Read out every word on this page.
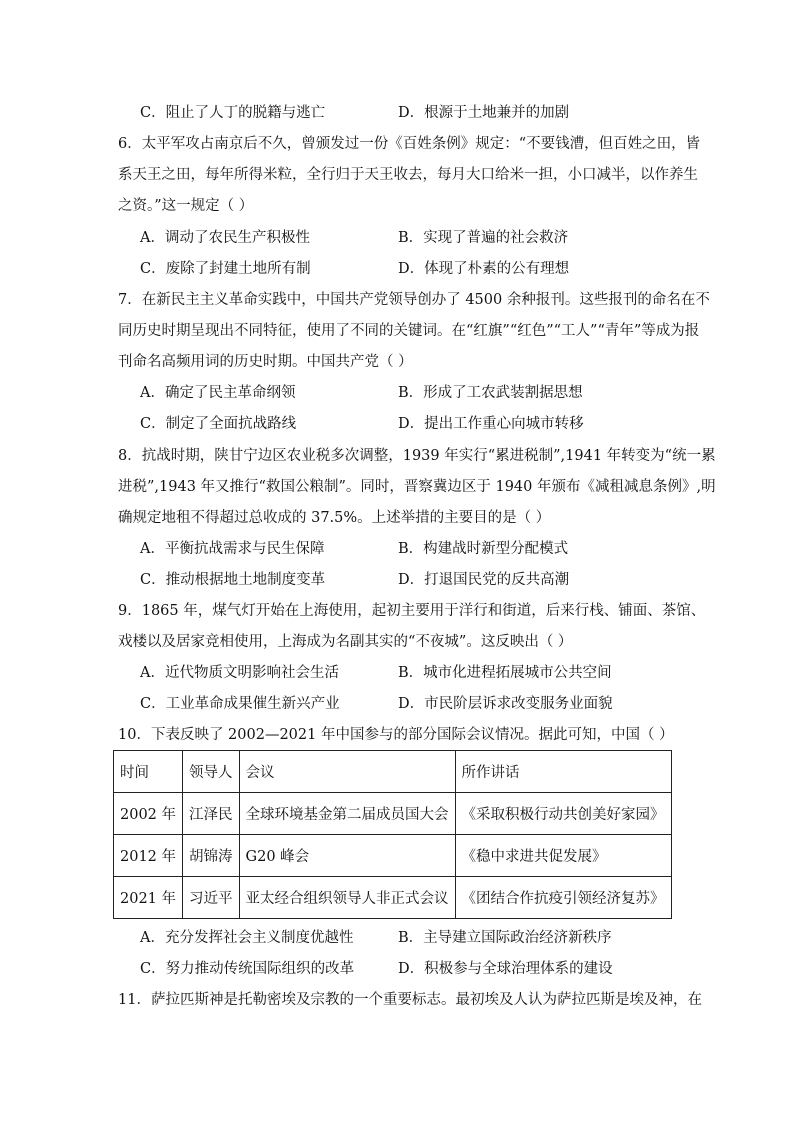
C．阻止了人丁的脱籍与逃亡	D．根源于土地兼并的加剧
6．太平军攻占南京后不久，曾颁发过一份《百姓条例》规定：“不要钱漕，但百姓之田，皆
系天王之田，每年所得米粒，全行归于天王收去，每月大口给米一担，小口减半，以作养生
之资。”这一规定（ ）
A．调动了农民生产积极性	B．实现了普遍的社会救济
C．废除了封建土地所有制	D．体现了朴素的公有理想
7．在新民主主义革命实践中，中国共产党领导创办了 4500 余种报刊。这些报刊的命名在不
同历史时期呈现出不同特征，使用了不同的关键词。在“红旗”“红色”“工人”“青年”等成为报
刊命名高频用词的历史时期。中国共产党（ ）
A．确定了民主革命纲领	B．形成了工农武装割据思想
C．制定了全面抗战路线	D．提出工作重心向城市转移
8．抗战时期，陕甘宁边区农业税多次调整，1939 年实行“累进税制”,1941 年转变为“统一累
进税”,1943 年又推行“救国公粮制”。同时，晋察冀边区于 1940 年颁布《减租减息条例》,明
确规定地租不得超过总收成的 37.5%。上述举措的主要目的是（ ）
A．平衡抗战需求与民生保障	B．构建战时新型分配模式
C．推动根据地土地制度变革	D．打退国民党的反共高潮
9．1865 年，煤气灯开始在上海使用，起初主要用于洋行和街道，后来行栈、铺面、茶馆、
戏楼以及居家竞相使用，上海成为名副其实的“不夜城”。这反映出（ ）
A．近代物质文明影响社会生活	B．城市化进程拓展城市公共空间
C．工业革命成果催生新兴产业	D．市民阶层诉求改变服务业面貌
10．下表反映了 2002—2021 年中国参与的部分国际会议情况。据此可知，中国（ ）
时间	领导人	会议	所作讲话
2002 年	江泽民	全球环境基金第二届成员国大会	《采取积极行动共创美好家园》
2012 年	胡锦涛	G20 峰会	《稳中求进共促发展》
2021 年	习近平	亚太经合组织领导人非正式会议	《团结合作抗疫引领经济复苏》
A．充分发挥社会主义制度优越性	B．主导建立国际政治经济新秩序
C．努力推动传统国际组织的改革	D．积极参与全球治理体系的建设
11．萨拉匹斯神是托勒密埃及宗教的一个重要标志。最初埃及人认为萨拉匹斯是埃及神，在
